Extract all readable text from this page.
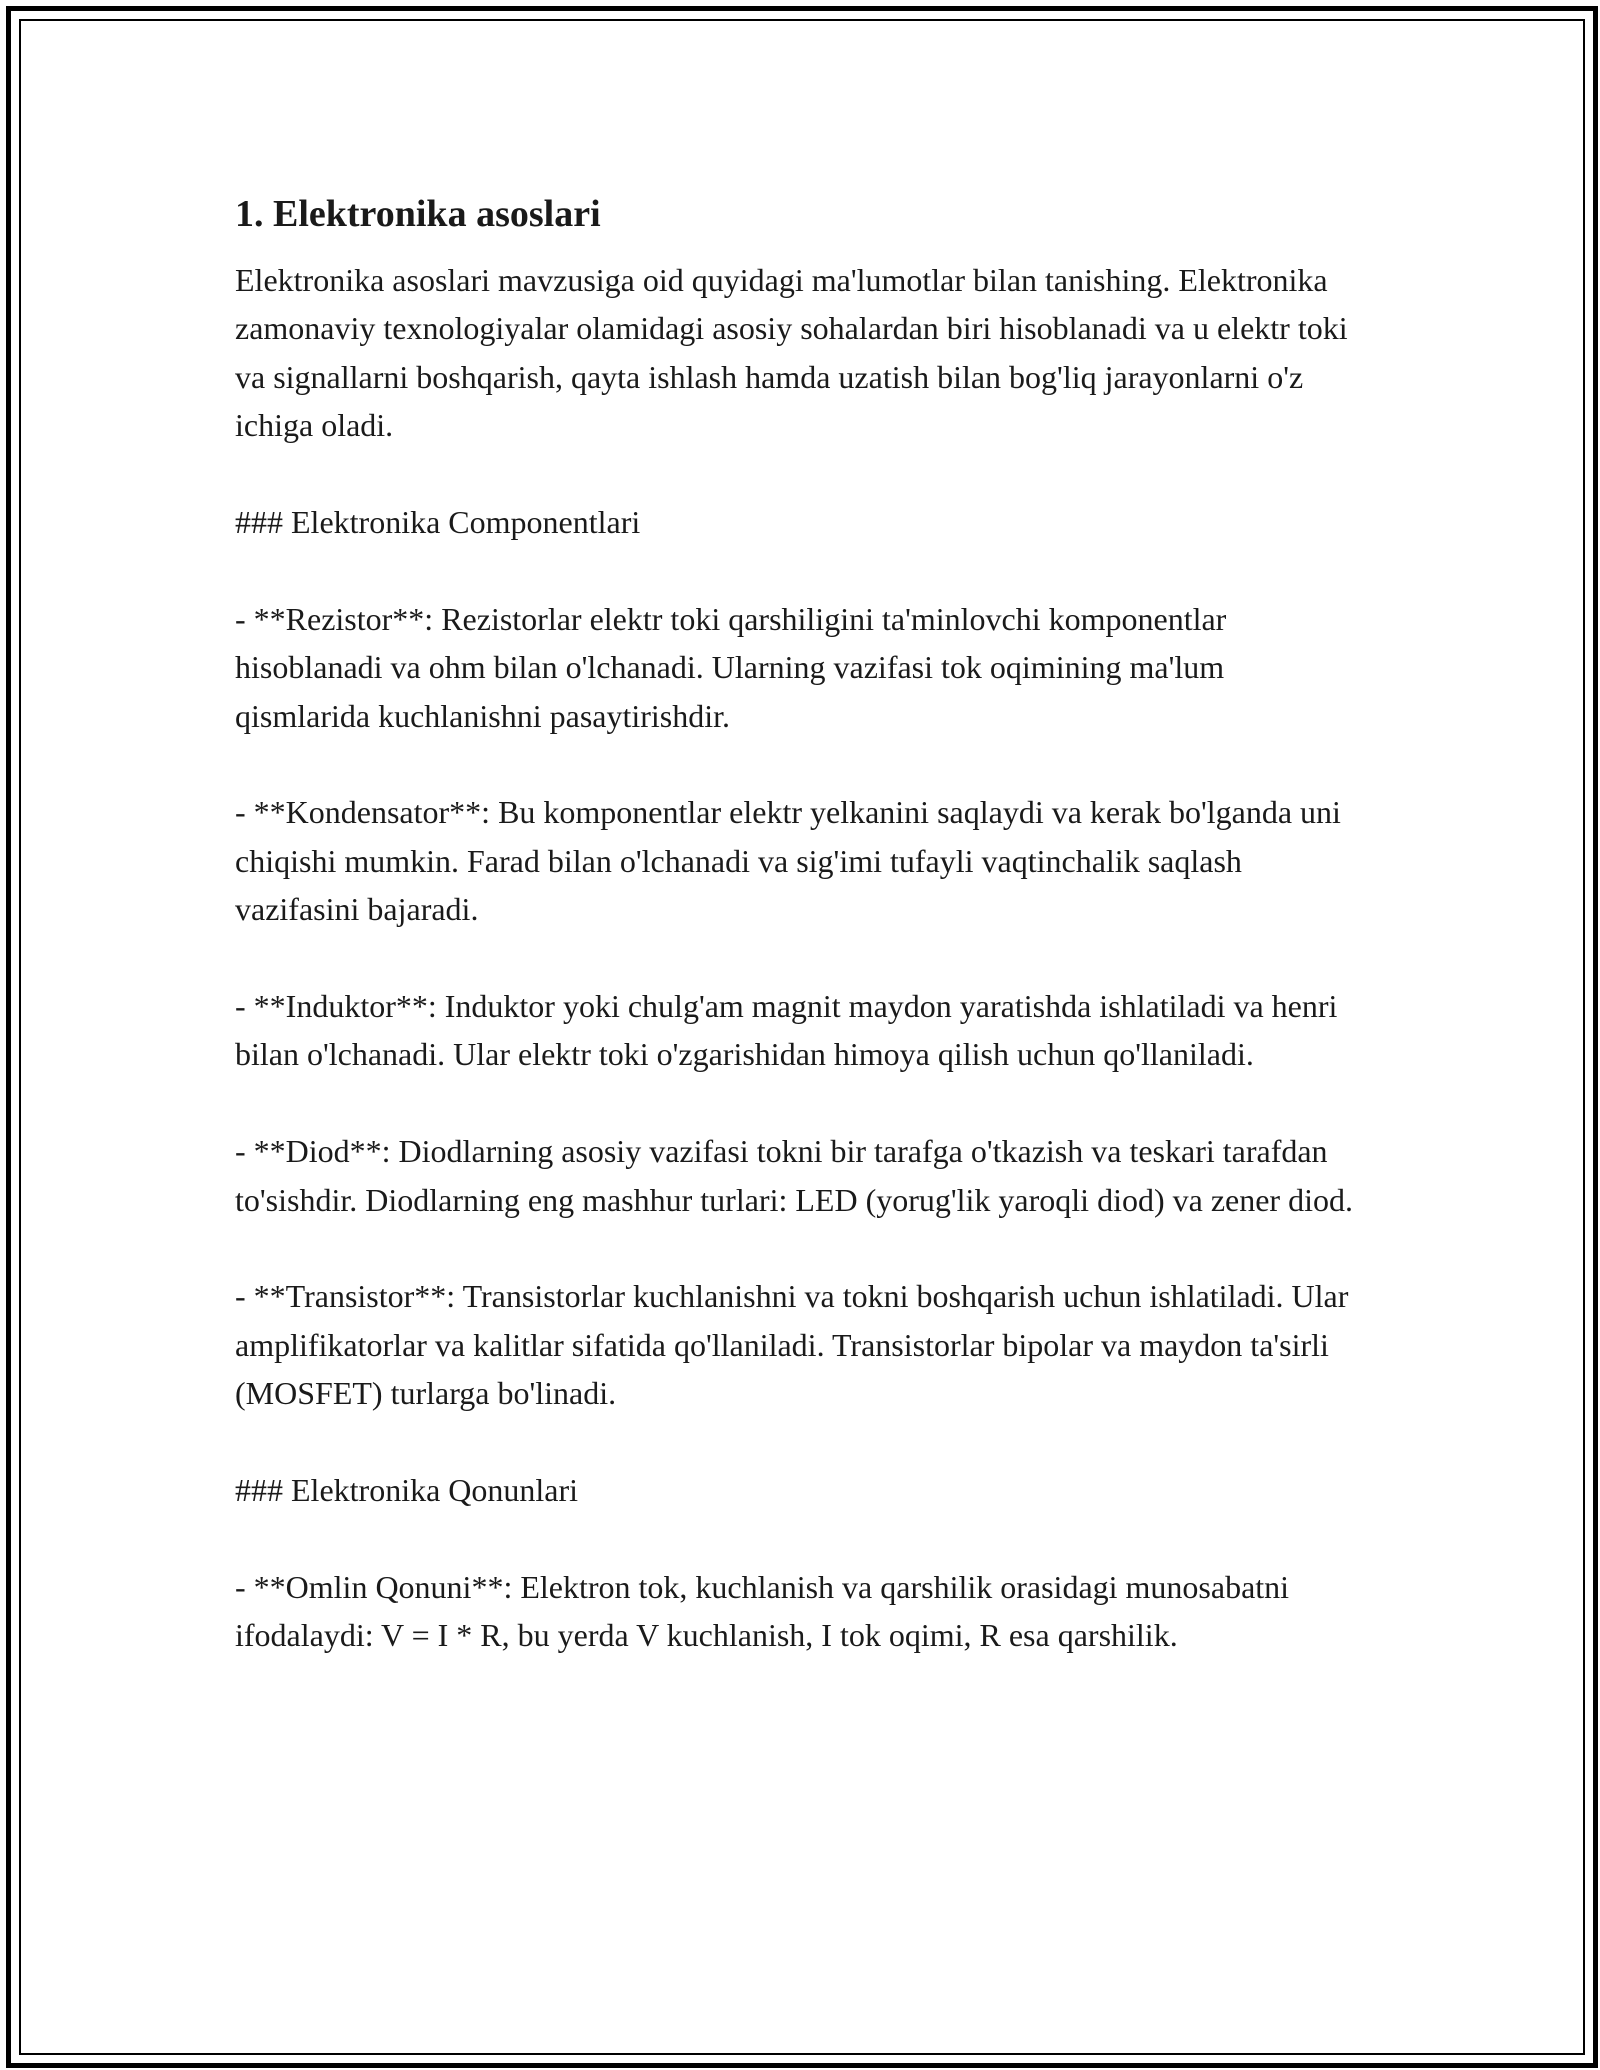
1. Elektronika asoslari

Elektronika asoslari mavzusiga oid quyidagi ma'lumotlar bilan tanishing. Elektronika zamonaviy texnologiyalar olamidagi asosiy sohalardan biri hisoblanadi va u elektr toki va signallarni boshqarish, qayta ishlash hamda uzatish bilan bog'liq jarayonlarni o'z ichiga oladi.

### Elektronika Componentlari

- **Rezistor**: Rezistorlar elektr toki qarshiligini ta'minlovchi komponentlar hisoblanadi va ohm bilan o'lchanadi. Ularning vazifasi tok oqimining ma'lum qismlarida kuchlanishni pasaytirishdir.

- **Kondensator**: Bu komponentlar elektr yelkanini saqlaydi va kerak bo'lganda uni chiqishi mumkin. Farad bilan o'lchanadi va sig'imi tufayli vaqtinchalik saqlash vazifasini bajaradi.

- **Induktor**: Induktor yoki chulg'am magnit maydon yaratishda ishlatiladi va henri bilan o'lchanadi. Ular elektr toki o'zgarishidan himoya qilish uchun qo'llaniladi.

- **Diod**: Diodlarning asosiy vazifasi tokni bir tarafga o'tkazish va teskari tarafdan to'sishdir. Diodlarning eng mashhur turlari: LED (yorug'lik yaroqli diod) va zener diod.

- **Transistor**: Transistorlar kuchlanishni va tokni boshqarish uchun ishlatiladi. Ular amplifikatorlar va kalitlar sifatida qo'llaniladi. Transistorlar bipolar va maydon ta'sirli (MOSFET) turlarga bo'linadi.

### Elektronika Qonunlari

- **Omlin Qonuni**: Elektron tok, kuchlanish va qarshilik orasidagi munosabatni ifodalaydi: V = I * R, bu yerda V kuchlanish, I tok oqimi, R esa qarshilik.
